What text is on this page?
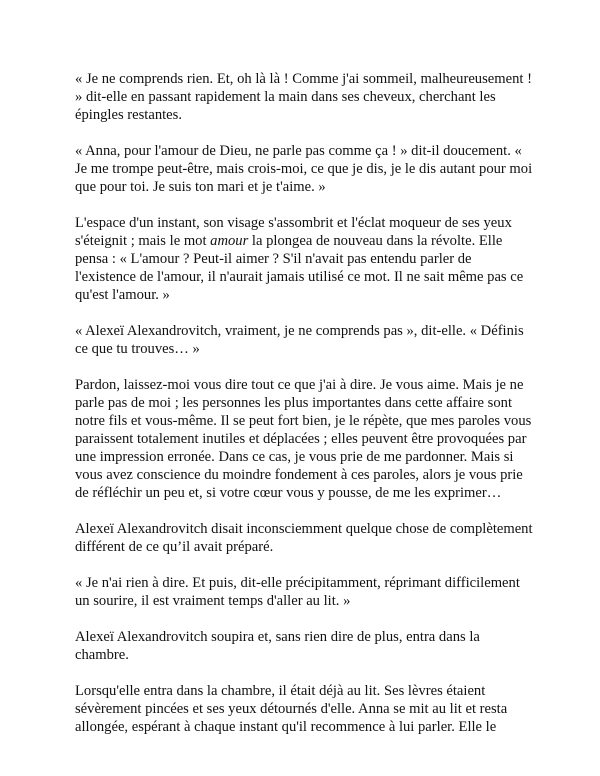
« Je ne comprends rien. Et, oh là là ! Comme j'ai sommeil, malheureusement ! » dit-elle en passant rapidement la main dans ses cheveux, cherchant les épingles restantes.

« Anna, pour l'amour de Dieu, ne parle pas comme ça ! » dit-il doucement. « Je me trompe peut-être, mais crois-moi, ce que je dis, je le dis autant pour moi que pour toi. Je suis ton mari et je t'aime. »

L'espace d'un instant, son visage s'assombrit et l'éclat moqueur de ses yeux s'éteignit ; mais le mot amour la plongea de nouveau dans la révolte. Elle pensa : « L'amour ? Peut-il aimer ? S'il n'avait pas entendu parler de l'existence de l'amour, il n'aurait jamais utilisé ce mot. Il ne sait même pas ce qu'est l'amour. »

« Alexeï Alexandrovitch, vraiment, je ne comprends pas », dit-elle. « Définis ce que tu trouves… »

Pardon, laissez-moi vous dire tout ce que j'ai à dire. Je vous aime. Mais je ne parle pas de moi ; les personnes les plus importantes dans cette affaire sont notre fils et vous-même. Il se peut fort bien, je le répète, que mes paroles vous paraissent totalement inutiles et déplacées ; elles peuvent être provoquées par une impression erronée. Dans ce cas, je vous prie de me pardonner. Mais si vous avez conscience du moindre fondement à ces paroles, alors je vous prie de réfléchir un peu et, si votre cœur vous y pousse, de me les exprimer…

Alexeï Alexandrovitch disait inconsciemment quelque chose de complètement différent de ce qu’il avait préparé.

« Je n'ai rien à dire. Et puis, dit-elle précipitamment, réprimant difficilement un sourire, il est vraiment temps d'aller au lit. »

Alexeï Alexandrovitch soupira et, sans rien dire de plus, entra dans la chambre.

Lorsqu'elle entra dans la chambre, il était déjà au lit. Ses lèvres étaient sévèrement pincées et ses yeux détournés d'elle. Anna se mit au lit et resta allongée, espérant à chaque instant qu'il recommence à lui parler. Elle le
